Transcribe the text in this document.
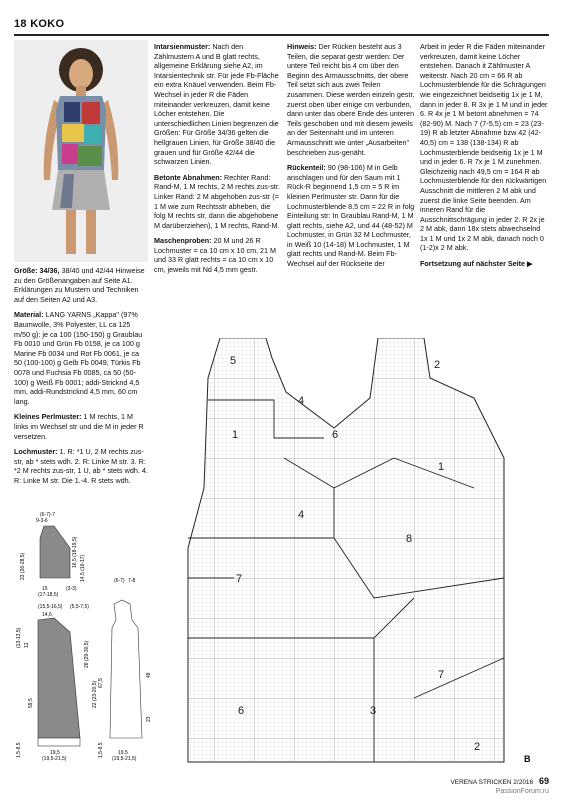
18 KOKO

Größe: 34/36, 38/40 und 42/44 Hinweise zu den Größenangaben auf Seite A1. Erklärungen zu Mustern und Techniken auf den Seiten A2 und A3.

Material: LANG YARNS „Kappa" (97% Baumwolle, 3% Polyester, LL ca 125 m/50 g): je ca 100 (150-150) g Graublau Fb 0010 und Grün Fb 0158, je ca 100 g Marine Fb 0034 und Rot Fb 0061, je ca 50 (100-100) g Gelb Fb 0049, Türkis Fb 0078 und Fuchsia Fb 0085, ca 50 (50-100) g Weiß Fb 0001; addi-Stricknd 4,5 mm, addi-Rundstricknd 4,5 mm, 60 cm lang.

Kleines Perlmuster: 1 M rechts, 1 M links im Wechsel str und die M in jeder R versetzen.

Lochmuster: 1. R: *1 U, 2 M rechts zus-str, ab * stets wdh. 2. R: Linke M str. 3. R: *2 M rechts zus-str, 1 U, ab * stets wdh. 4. R: Linke M str. Die 1.-4. R stets wdh.

Intarsienmuster: Nach den Zählmustern A und B glatt rechts, allgemeine Erklärung siehe A2, im Intarsientechnik str. Für jede Fb-Fläche ein extra Knäuel verwenden. Beim Fb-Wechsel in jeder R die Fäden miteinander verkreuzen, damit keine Löcher entstehen. Die unterschiedlichen Linien begrenzen die Größen: Für Größe 34/36 gelten die hellgrauen Linien, für Größe 38/40 die grauen und für Größe 42/44 die schwarzen Linien.

Betonte Abnahmen: Rechter Rand: Rand-M, 1 M rechts, 2 M rechts zus-str. Linker Rand: 2 M abgehoben zus-str (= 1 M wie zum Rechtsstr abheben, die folg M rechts str, dann die abgehobene M darüberziehen), 1 M rechts, Rand-M.

Maschenproben: 20 M und 26 R Lochmuster = ca 10 cm x 10 cm, 21 M und 33 R glatt rechts = ca 10 cm x 10 cm, jeweils mit Nd 4,5 mm gestr.

Hinweis: Der Rücken besteht aus 3 Teilen, die separat gestr werden: Der untere Teil reicht bis 4 cm über den Beginn des Armausschnitts, der obere Teil setzt sich aus zwei Teilen zusammen. Diese werden einzeln gestr, zuerst oben über einige cm verbunden, dann unter das obere Ende des unteren Teils geschoben und mit diesem jeweils an der Seitennaht und im unteren Armausschnitt wie unter „Ausarbeiten" beschrieben zus-genäht.

Rückenteil: 90 (98-106) M in Gelb anschlagen und für den Saum mit 1 Rück-R beginnend 1,5 cm = 5 R im kleinen Perlmuster str. Dann für die Lochmusterblende 8,5 cm = 22 R in folg Einteilung str: In Graublau Rand-M, 1 M glatt rechts, siehe A2, und 44 (48-52) M Lochmuster, in Grün 32 M Lochmuster, in Weiß 10 (14-18) M Lochmuster, 1 M glatt rechts und Rand-M. Beim Fb-Wechsel auf der Rückseite der

Arbeit in jeder R die Fäden miteinander verkreuzen, damit keine Löcher entstehen. Danach it Zählmuster A weiterstr. Nach 20 cm = 66 R ab Lochmusterblende für die Schrägungen wie eingezeichnet beidseitig 1x je 1 M, dann in jeder 8. R 3x je 1 M und in jeder 6. R 4x je 1 M betont abnehmen = 74 (82-90) M. Nach 7 (7-5,5) cm = 23 (23-19) R ab letzter Abnahme bzw 42 (42-40,5) cm = 138 (138-134) R ab Lochmusterblende beidseitig 1x je 1 M und in jeder 6. R 7x je 1 M zunehmen. Gleichzeitig nach 49,5 cm = 164 R ab Lochmusterblende für den rückwärtigen Ausschnitt die mittleren 2 M abk und zuerst die linke Seite beenden. Am inneren Rand für die Ausschnittschrägung in jeder 2. R 2x je 2 M abk, dann 18x stets abwechselnd 1x 1 M und 1x 2 M abk, danach noch 0 (1-2)x 2 M abk.

Fortsetzung auf nächster Seite ▶

(6-7)-7
9-3-6
23 (26-28,5)	16,5 (18-19,5)
14,5 (16-17)
15
(17-18,5)
(3-3)
(15,5-16,5) (5,5-7,5)
14,6
(13-13,5) 12
59,5
28 (29-30,5)
22 (23-20,5)
1,5-8,5	19,5
(19,5-21,5)
(6-7) 7-8
67,5
48
23
1,5-8,5	19,5
(19,5-21,5)
5
4
2
1	6
1
4
8
7
7
6	3
2
B
VERENA STRICKEN 2/2016 69
PassionForum.ru
